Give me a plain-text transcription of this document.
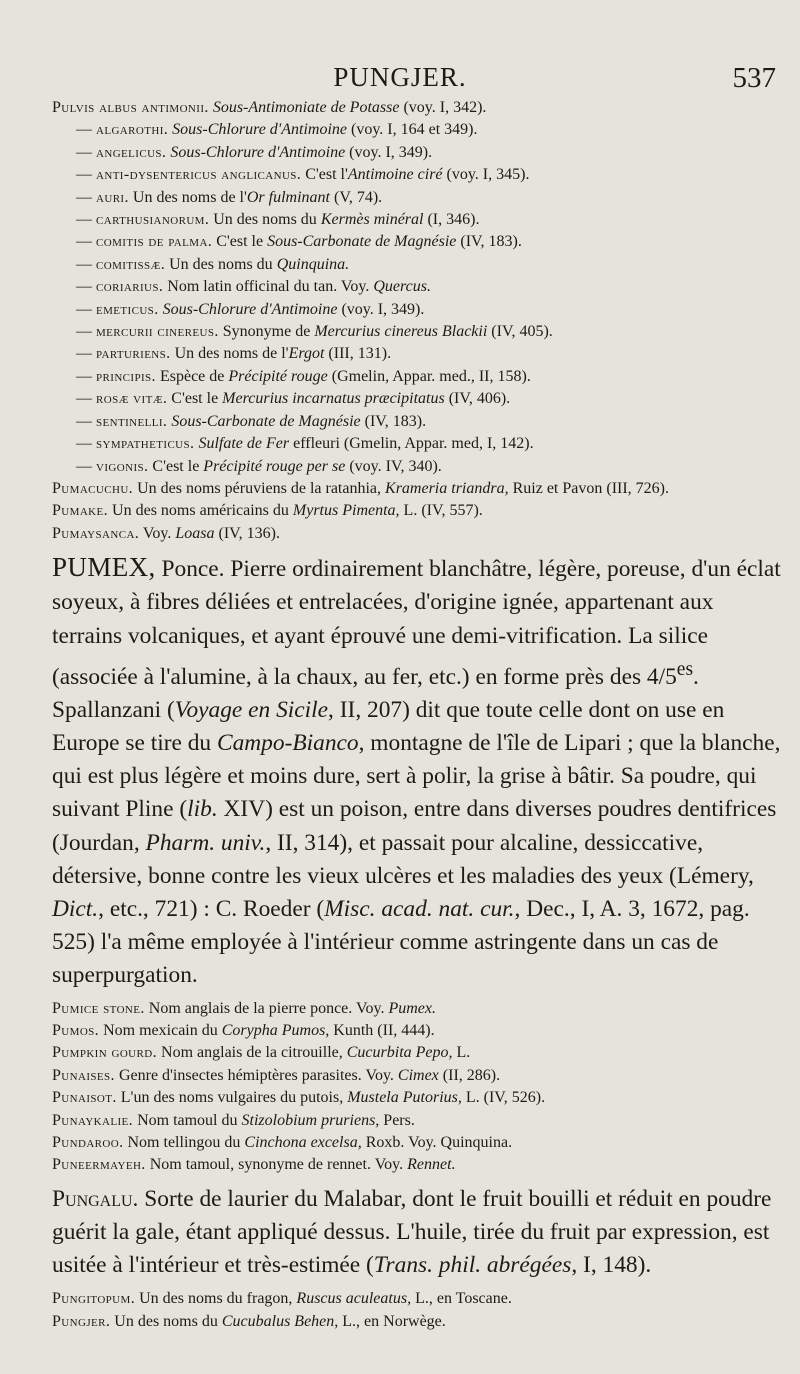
PUNGJER.	537

Pulvis albus antimonii. Sous-Antimoniate de Potasse (voy. I, 342).

— algarothi. Sous-Chlorure d'Antimoine (voy. I, 164 et 349).

— angelicus. Sous-Chlorure d'Antimoine (voy. I, 349).

— anti-dysentericus anglicanus. C'est l'Antimoine ciré (voy. I, 345).

— auri. Un des noms de l'Or fulminant (V, 74).

— carthusianorum. Un des noms du Kermès minéral (I, 346).

— comitis de palma. C'est le Sous-Carbonate de Magnésie (IV, 183).

— comitissæ. Un des noms du Quinquina.

— coriarius. Nom latin officinal du tan. Voy. Quercus.

— emeticus. Sous-Chlorure d'Antimoine (voy. I, 349).

— mercurii cinereus. Synonyme de Mercurius cinereus Blackii (IV, 405).

— parturiens. Un des noms de l'Ergot (III, 131).

— principis. Espèce de Précipité rouge (Gmelin, Appar. med., II, 158).

— rosæ vitæ. C'est le Mercurius incarnatus præcipitatus (IV, 406).

— sentinelli. Sous-Carbonate de Magnésie (IV, 183).

— sympatheticus. Sulfate de Fer effleuri (Gmelin, Appar. med, I, 142).

— vigonis. C'est le Précipité rouge per se (voy. IV, 340).

Pumacuchu. Un des noms péruviens de la ratanhia, Krameria triandra, Ruiz et Pavon (III, 726).

Pumake. Un des noms américains du Myrtus Pimenta, L. (IV, 557).

Pumaysanca. Voy. Loasa (IV, 136).

PUMEX, Ponce. Pierre ordinairement blanchâtre, légère, poreuse, d'un éclat soyeux, à fibres déliées et entrelacées, d'origine ignée, appartenant aux terrains volcaniques, et ayant éprouvé une demi-vitrification. La silice (associée à l'alumine, à la chaux, au fer, etc.) en forme près des $4/5^{es}$. Spallanzani (Voyage en Sicile, II, 207) dit que toute celle dont on use en Europe se tire du Campo-Bianco, montagne de l'île de Lipari ; que la blanche, qui est plus légère et moins dure, sert à polir, la grise à bâtir. Sa poudre, qui suivant Pline (lib. XIV) est un poison, entre dans diverses poudres dentifrices (Jourdan, Pharm. univ., II, 314), et passait pour alcaline, dessiccative, détersive, bonne contre les vieux ulcères et les maladies des yeux (Lémery, Dict., etc., 721) : C. Roeder (Misc. acad. nat. cur., Dec., I, A. 3, 1672, pag. 525) l'a même employée à l'intérieur comme astringente dans un cas de superpurgation.

Pumice stone. Nom anglais de la pierre ponce. Voy. Pumex.

Pumos. Nom mexicain du Corypha Pumos, Kunth (II, 444).

Pumpkin gourd. Nom anglais de la citrouille, Cucurbita Pepo, L.

Punaises. Genre d'insectes hémiptères parasites. Voy. Cimex (II, 286).

Punaisot. L'un des noms vulgaires du putois, Mustela Putorius, L. (IV, 526).

Punaykalie. Nom tamoul du Stizolobium pruriens, Pers.

Pundaroo. Nom tellingou du Cinchona excelsa, Roxb. Voy. Quinquina.

Puneermayeh. Nom tamoul, synonyme de rennet. Voy. Rennet.

Pungalu. Sorte de laurier du Malabar, dont le fruit bouilli et réduit en poudre guérit la gale, étant appliqué dessus. L'huile, tirée du fruit par expression, est usitée à l'intérieur et très-estimée (Trans. phil. abrégées, I, 148).

Pungitopum. Un des noms du fragon, Ruscus aculeatus, L., en Toscane.

Pungjer. Un des noms du Cucubalus Behen, L., en Norwège.
